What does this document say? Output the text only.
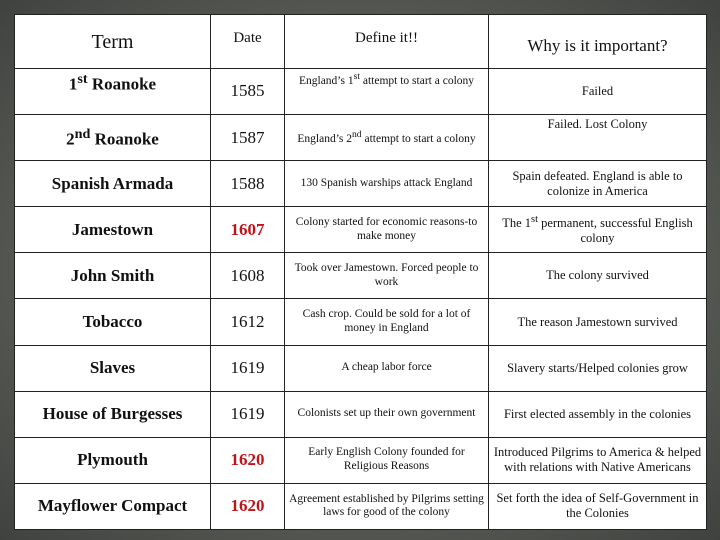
Term	Date	Define it!!	Why is it important?
1st Roanoke	1585	England’s 1st attempt to start a colony	Failed
2nd Roanoke	1587	England’s 2nd attempt to start a colony	Failed. Lost Colony
Spanish Armada	1588	130 Spanish warships attack England	Spain defeated. England is able to colonize in America
Jamestown	1607	Colony started for economic reasons-to make money	The 1st permanent, successful English colony
John Smith	1608	Took over Jamestown. Forced people to work	The colony survived
Tobacco	1612	Cash crop. Could be sold for a lot of money in England	The reason Jamestown survived
Slaves	1619	A cheap labor force	Slavery starts/Helped colonies grow
House of Burgesses	1619	Colonists set up their own government	First elected assembly in the colonies
Plymouth	1620	Early English Colony founded for Religious Reasons	Introduced Pilgrims to America & helped with relations with Native Americans
Mayflower Compact	1620	Agreement established by Pilgrims setting laws for good of the colony	Set forth the idea of Self-Government in the Colonies
